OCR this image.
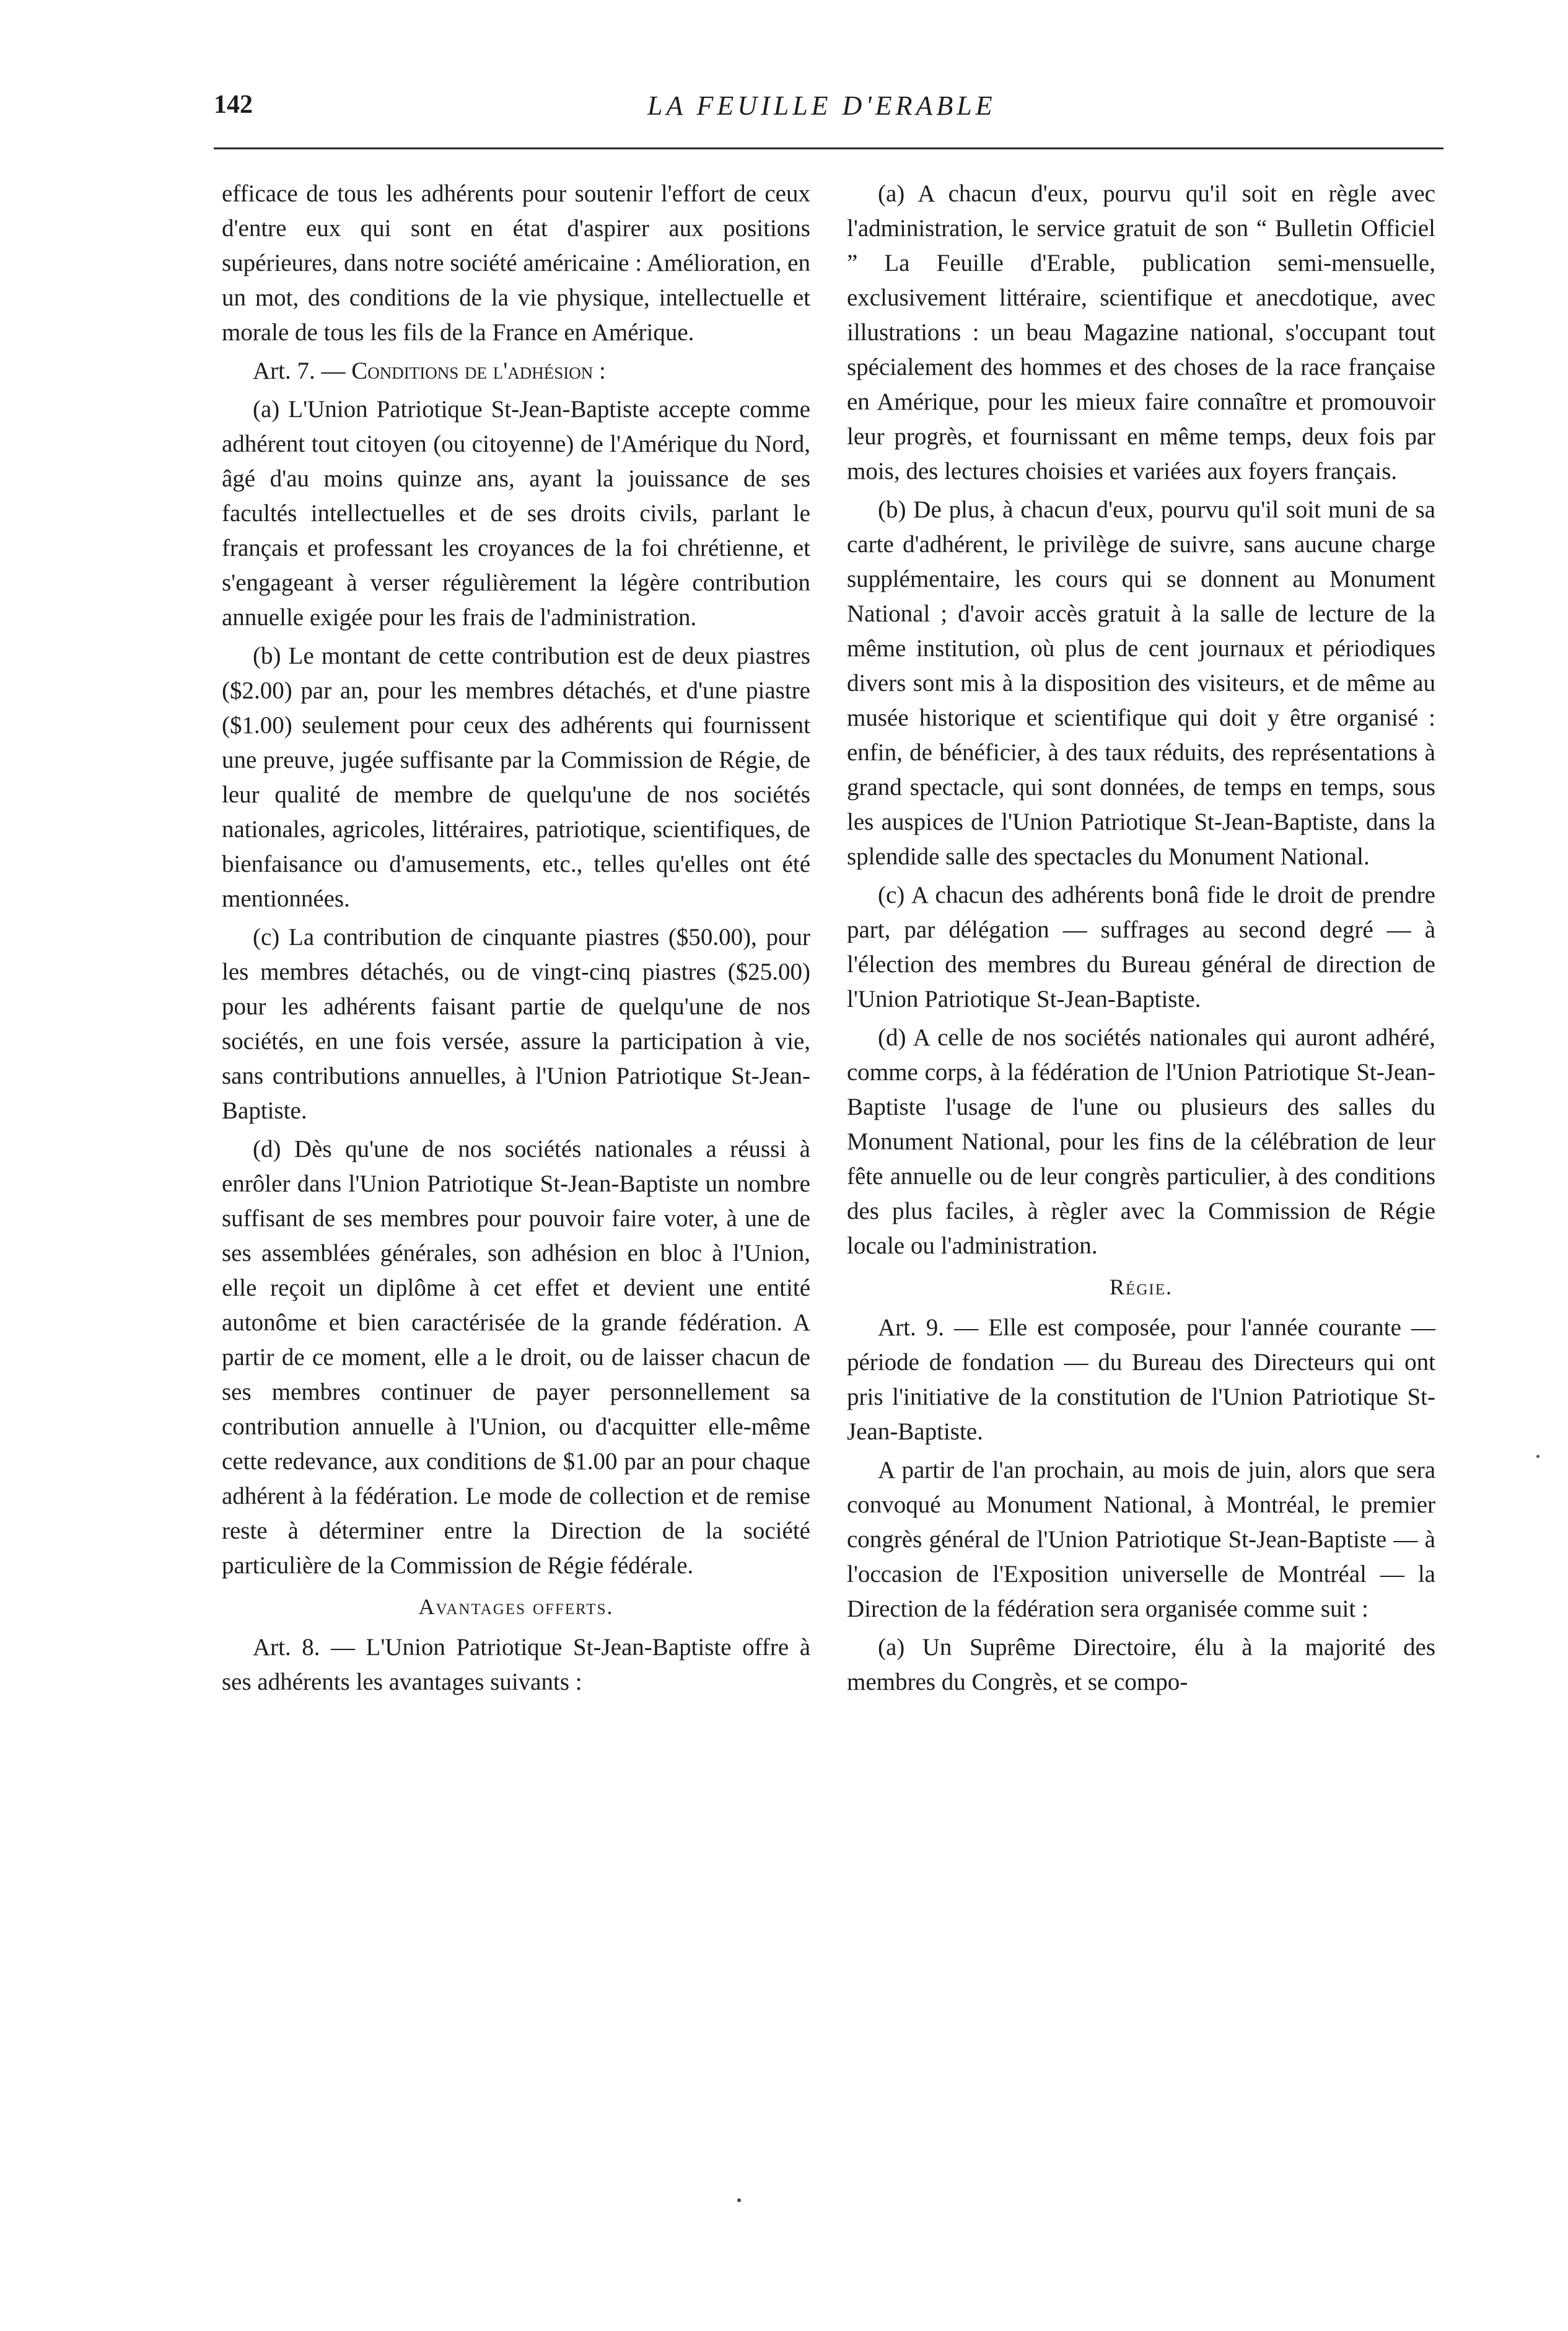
142	LA FEUILLE D'ERABLE

efficace de tous les adhérents pour soutenir l'effort de ceux d'entre eux qui sont en état d'aspirer aux positions supérieures, dans notre société américaine : Amélioration, en un mot, des conditions de la vie physique, intellectuelle et morale de tous les fils de la France en Amérique.

Art. 7. — Conditions de l'adhésion :

(a) L'Union Patriotique St-Jean-Baptiste accepte comme adhérent tout citoyen (ou citoyenne) de l'Amérique du Nord, âgé d'au moins quinze ans, ayant la jouissance de ses facultés intellectuelles et de ses droits civils, parlant le français et professant les croyances de la foi chrétienne, et s'engageant à verser régulièrement la légère contribution annuelle exigée pour les frais de l'administration.

(b) Le montant de cette contribution est de deux piastres ($2.00) par an, pour les membres détachés, et d'une piastre ($1.00) seulement pour ceux des adhérents qui fournissent une preuve, jugée suffisante par la Commission de Régie, de leur qualité de membre de quelqu'une de nos sociétés nationales, agricoles, littéraires, patriotique, scientifiques, de bienfaisance ou d'amusements, etc., telles qu'elles ont été mentionnées.

(c) La contribution de cinquante piastres ($50.00), pour les membres détachés, ou de vingt-cinq piastres ($25.00) pour les adhérents faisant partie de quelqu'une de nos sociétés, en une fois versée, assure la participation à vie, sans contributions annuelles, à l'Union Patriotique St-Jean-Baptiste.

(d) Dès qu'une de nos sociétés nationales a réussi à enrôler dans l'Union Patriotique St-Jean-Baptiste un nombre suffisant de ses membres pour pouvoir faire voter, à une de ses assemblées générales, son adhésion en bloc à l'Union, elle reçoit un diplôme à cet effet et devient une entité autonôme et bien caractérisée de la grande fédération. A partir de ce moment, elle a le droit, ou de laisser chacun de ses membres continuer de payer personnellement sa contribution annuelle à l'Union, ou d'acquitter elle-même cette redevance, aux conditions de $1.00 par an pour chaque adhérent à la fédération. Le mode de collection et de remise reste à déterminer entre la Direction de la société particulière de la Commission de Régie fédérale.

Avantages offerts.

Art. 8. — L'Union Patriotique St-Jean-Baptiste offre à ses adhérents les avantages suivants :

(a) A chacun d'eux, pourvu qu'il soit en règle avec l'administration, le service gratuit de son “ Bulletin Officiel ” La Feuille d'Erable, publication semi-mensuelle, exclusivement littéraire, scientifique et anecdotique, avec illustrations : un beau Magazine national, s'occupant tout spécialement des hommes et des choses de la race française en Amérique, pour les mieux faire connaître et promouvoir leur progrès, et fournissant en même temps, deux fois par mois, des lectures choisies et variées aux foyers français.

(b) De plus, à chacun d'eux, pourvu qu'il soit muni de sa carte d'adhérent, le privilège de suivre, sans aucune charge supplémentaire, les cours qui se donnent au Monument National ; d'avoir accès gratuit à la salle de lecture de la même institution, où plus de cent journaux et périodiques divers sont mis à la disposition des visiteurs, et de même au musée historique et scientifique qui doit y être organisé : enfin, de bénéficier, à des taux réduits, des représentations à grand spectacle, qui sont données, de temps en temps, sous les auspices de l'Union Patriotique St-Jean-Baptiste, dans la splendide salle des spectacles du Monument National.

(c) A chacun des adhérents bonâ fide le droit de prendre part, par délégation — suffrages au second degré — à l'élection des membres du Bureau général de direction de l'Union Patriotique St-Jean-Baptiste.

(d) A celle de nos sociétés nationales qui auront adhéré, comme corps, à la fédération de l'Union Patriotique St-Jean-Baptiste l'usage de l'une ou plusieurs des salles du Monument National, pour les fins de la célébration de leur fête annuelle ou de leur congrès particulier, à des conditions des plus faciles, à règler avec la Commission de Régie locale ou l'administration.

Régie.

Art. 9. — Elle est composée, pour l'année courante — période de fondation — du Bureau des Directeurs qui ont pris l'initiative de la constitution de l'Union Patriotique St-Jean-Baptiste.

A partir de l'an prochain, au mois de juin, alors que sera convoqué au Monument National, à Montréal, le premier congrès général de l'Union Patriotique St-Jean-Baptiste — à l'occasion de l'Exposition universelle de Montréal — la Direction de la fédération sera organisée comme suit :

(a) Un Suprême Directoire, élu à la majorité des membres du Congrès, et se compo-
